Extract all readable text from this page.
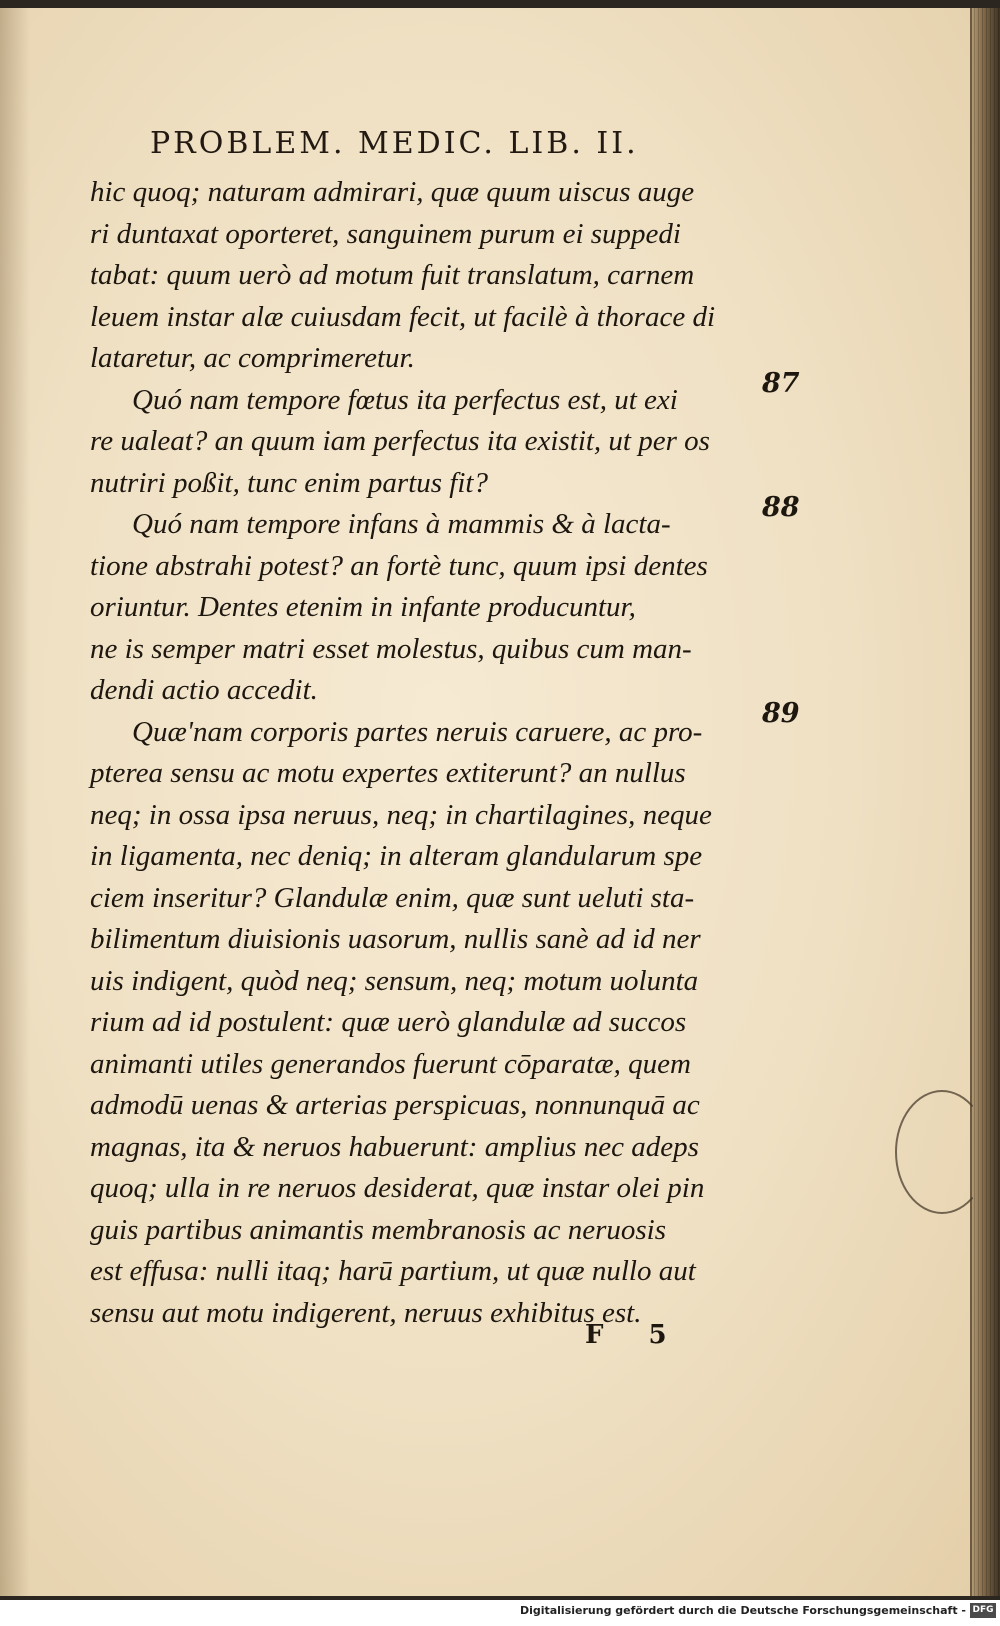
PROBLEM. MEDIC. LIB. II.
hic quoq; naturam admirari, quæ quum uiscus auge
ri duntaxat oporteret, sanguinem purum ei suppedi
tabat: quum uerò ad motum fuit translatum, carnem
leuem instar alæ cuiusdam fecit, ut facilè à thorace di
lataretur, ac comprimeretur.
Quó nam tempore fœtus ita perfectus est, ut exi
re ualeat? an quum iam perfectus ita existit, ut per os
nutriri poßit, tunc enim partus fit?
Quó nam tempore infans à mammis & à lacta-
tione abstrahi potest? an fortè tunc, quum ipsi dentes
oriuntur. Dentes etenim in infante producuntur,
ne is semper matri esset molestus, quibus cum man-
dendi actio accedit.
Quæ'nam corporis partes neruis caruere, ac pro-
pterea sensu ac motu expertes extiterunt? an nullus
neq; in ossa ipsa neruus, neq; in chartilagines, neque
in ligamenta, nec deniq; in alteram glandularum spe
ciem inseritur? Glandulæ enim, quæ sunt ueluti sta-
bilimentum diuisionis uasorum, nullis sanè ad id ner
uis indigent, quòd neq; sensum, neq; motum uolunta
rium ad id postulent: quæ uerò glandulæ ad succos
animanti utiles generandos fuerunt cōparatæ, quem
admodū uenas & arterias perspicuas, nonnunquā ac
magnas, ita & neruos habuerunt: amplius nec adeps
quoq; ulla in re neruos desiderat, quæ instar olei pin
guis partibus animantis membranosis ac neruosis
est effusa: nulli itaq; harū partium, ut quæ nullo aut
sensu aut motu indigerent, neruus exhibitus est.
87
88
89
F 5
Digitalisierung gefördert durch die Deutsche Forschungsgemeinschaft - DFG
